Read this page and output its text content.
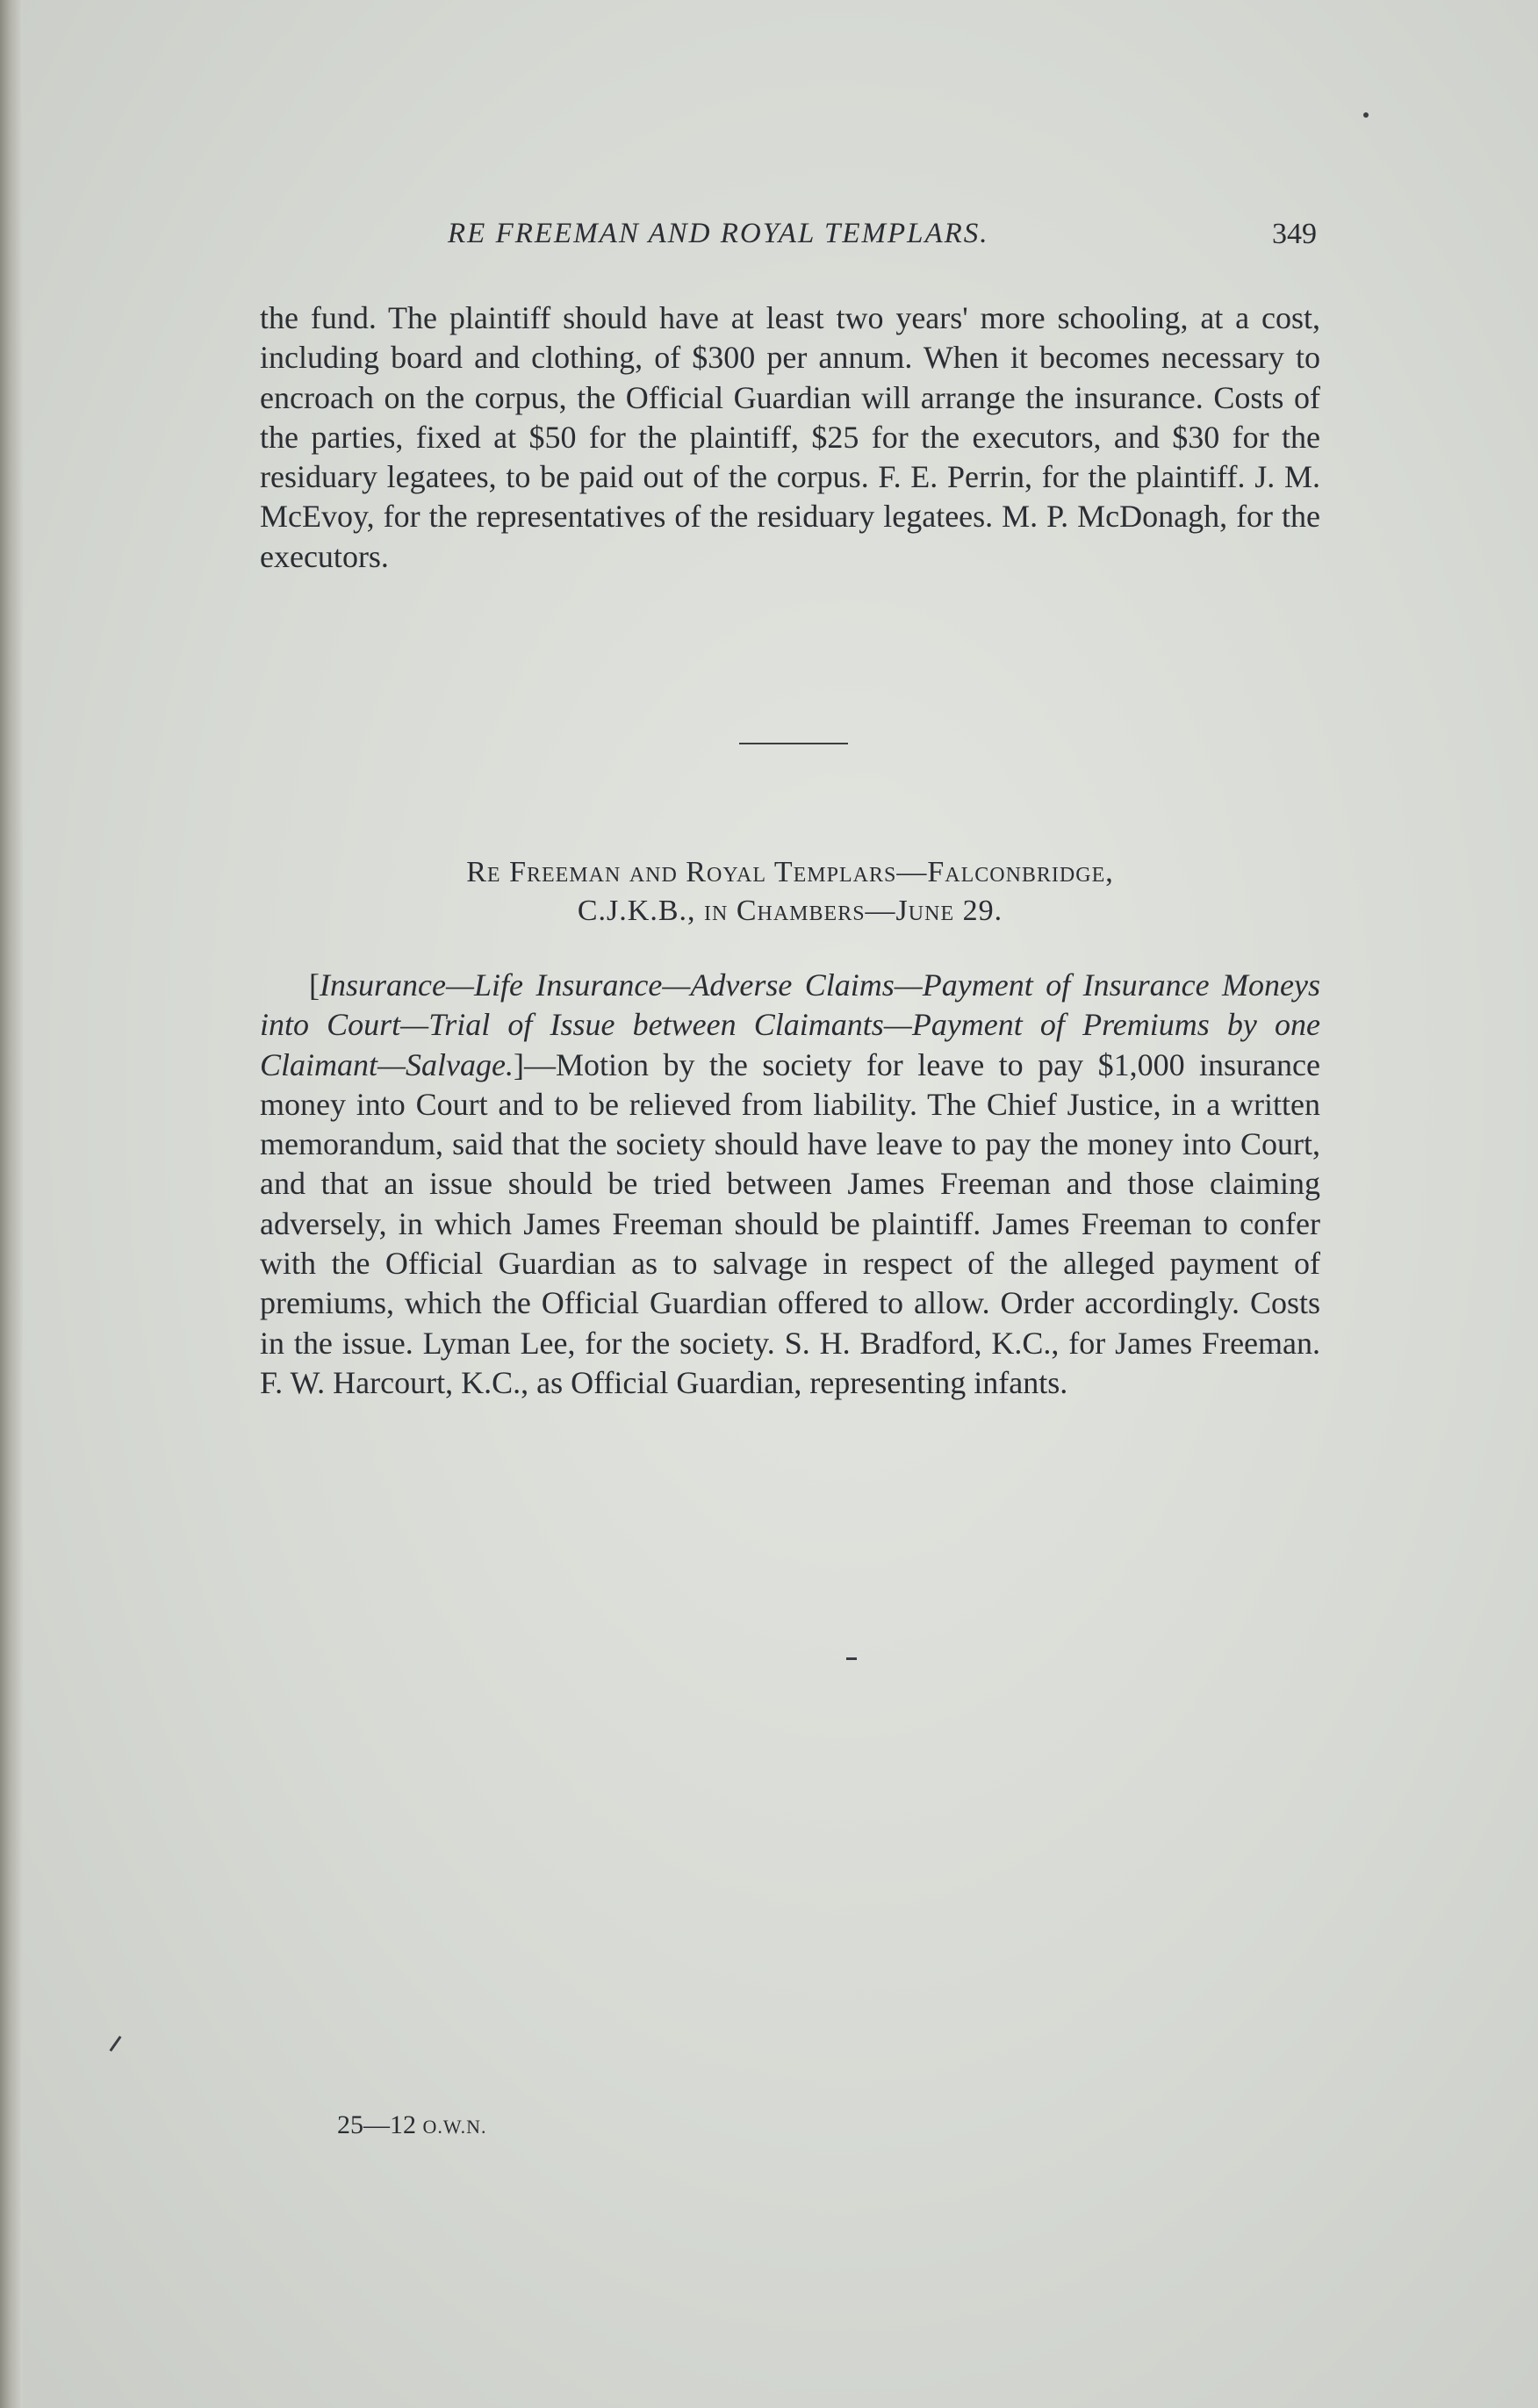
RE FREEMAN AND ROYAL TEMPLARS.	349

the fund. The plaintiff should have at least two years' more schooling, at a cost, including board and clothing, of $300 per annum. When it becomes necessary to encroach on the corpus, the Official Guardian will arrange the insurance. Costs of the parties, fixed at $50 for the plaintiff, $25 for the executors, and $30 for the residuary legatees, to be paid out of the corpus. F. E. Perrin, for the plaintiff. J. M. McEvoy, for the representatives of the residuary legatees. M. P. McDonagh, for the executors.

Re Freeman and Royal Templars—Falconbridge,
C.J.K.B., in Chambers—June 29.

[Insurance—Life Insurance—Adverse Claims—Payment of Insurance Moneys into Court—Trial of Issue between Claimants—Payment of Premiums by one Claimant—Salvage.]—Motion by the society for leave to pay $1,000 insurance money into Court and to be relieved from liability. The Chief Justice, in a written memorandum, said that the society should have leave to pay the money into Court, and that an issue should be tried between James Freeman and those claiming adversely, in which James Freeman should be plaintiff. James Freeman to confer with the Official Guardian as to salvage in respect of the alleged payment of premiums, which the Official Guardian offered to allow. Order accordingly. Costs in the issue. Lyman Lee, for the society. S. H. Bradford, K.C., for James Freeman. F. W. Harcourt, K.C., as Official Guardian, representing infants.

25—12 O.W.N.
